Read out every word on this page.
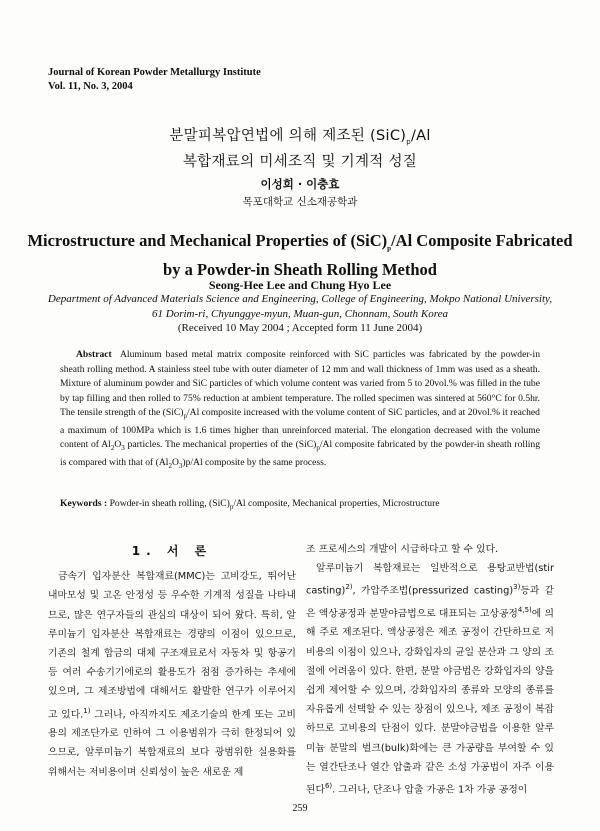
Journal of Korean Powder Metallurgy Institute
Vol. 11, No. 3, 2004
분말피복압연법에 의해 제조된 $(SiC)_p/Al$
복합재료의 미세조직 및 기계적 성질
이성희 · 이충효
목포대학교 신소재공학과
Microstructure and Mechanical Properties of $(SiC)_p/Al$ Composite Fabricated
by a Powder-in Sheath Rolling Method
Seong-Hee Lee and Chung Hyo Lee
Department of Advanced Materials Science and Engineering, College of Engineering, Mokpo National University,
61 Dorim-ri, Chyunggye-myun, Muan-gun, Chonnam, South Korea
(Received 10 May 2004 ; Accepted form 11 June 2004)
Abstract Aluminum based metal matrix composite reinforced with SiC particles was fabricated by the powder-in sheath rolling method. A stainless steel tube with outer diameter of 12 mm and wall thickness of 1mm was used as a sheath. Mixture of aluminum powder and SiC particles of which volume content was varied from 5 to 20vol.% was filled in the tube by tap filling and then rolled to 75% reduction at ambient temperature. The rolled specimen was sintered at 560°C for 0.5hr. The tensile strength of the $(SiC)_p/Al$ composite increased with the volume content of SiC particles, and at 20vol.% it reached a maximum of 100MPa which is 1.6 times higher than unreinforced material. The elongation decreased with the volume content of $Al_2O_3$ particles. The mechanical properties of the $(SiC)_p/Al$ composite fabricated by the powder-in sheath rolling is compared with that of $(Al_2O_3)p/Al$ composite by the same process.
Keywords : Powder-in sheath rolling, $(SiC)_p/Al$ composite, Mechanical properties, Microstructure
1. 서 론

금속기 입자분산 복합재료(MMC)는 고비강도, 뛰어난 내마모성 및 고온 안정성 등 우수한 기계적 성질을 나타내므로, 많은 연구자들의 관심의 대상이 되어 왔다. 특히, 알루미늄기 입자분산 복합재료는 경량의 이점이 있으므로, 기존의 철계 합금의 대체 구조재료로서 자동차 및 항공기 등 여러 수송기기에로의 활용도가 점점 증가하는 추세에 있으며, 그 제조방법에 대해서도 활발한 연구가 이루어지고 있다.$^{1)}$ 그러나, 아직까지도 제조기술의 한계 또는 고비용의 제조단가로 인하여 그 이용범위가 극히 한정되어 있으므로, 알루미늄기 복합재료의 보다 광범위한 실용화를 위해서는 저비용이며 신뢰성이 높은 새로운 제

조 프로세스의 개발이 시급하다고 할 수 있다.

알루미늄기 복합재료는 일반적으로 용탕교반법(stir casting)$^{2)}$, 가압주조법(pressurized casting)$^{3)}$등과 같은 액상공정과 분말야금법으로 대표되는 고상공정$^{4,5)}$에 의해 주로 제조된다. 액상공정은 제조 공정이 간단하므로 저비용의 이점이 있으나, 강화입자의 균일 분산과 그 양의 조절에 어려움이 있다. 한편, 분말 야금법은 강화입자의 양을 쉽게 제어할 수 있으며, 강화입자의 종류와 모양의 종류를 자유롭게 선택할 수 있는 장점이 있으나, 제조 공정이 복잡하므로 고비용의 단점이 있다. 분말야금법을 이용한 알루미늄 분말의 벌크(bulk)화에는 큰 가공량을 부여할 수 있는 열간단조나 열간 압출과 같은 소성 가공법이 자주 이용된다$^{6)}$. 그러나, 단조나 압출 가공은 1차 가공 공정이

259
